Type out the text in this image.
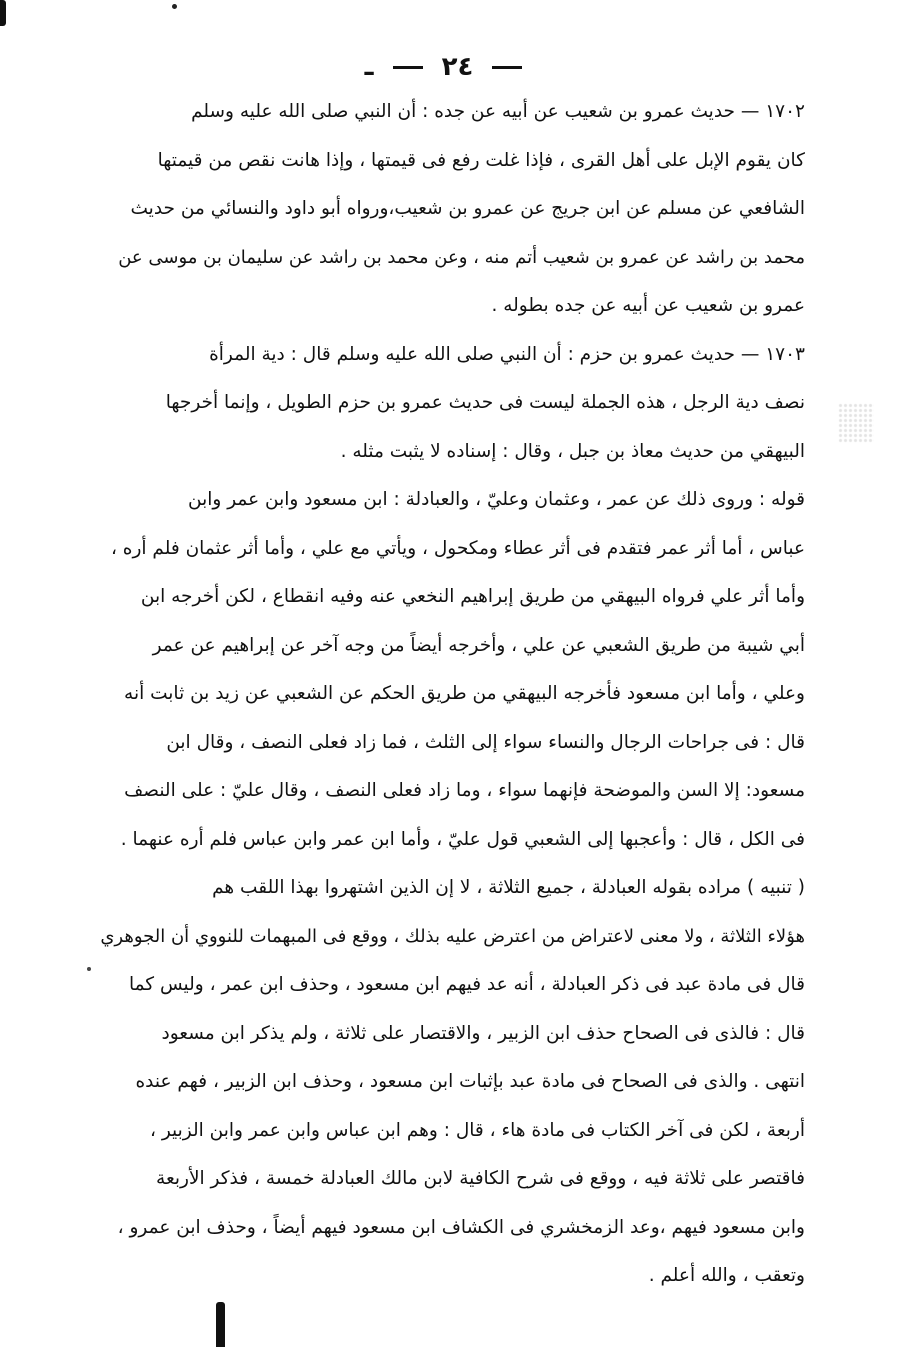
٢٤  ـ
١٧٠٢ — حديث عمرو بن شعيب عن أبيه عن جده : أن النبي صلى الله عليه وسلم
كان يقوم الإبل على أهل القرى ، فإذا غلت رفع فى قيمتها ، وإذا هانت نقص من قيمتها
الشافعي عن مسلم عن ابن جريج عن عمرو بن شعيب،ورواه أبو داود والنسائي من حديث
محمد بن راشد عن عمرو بن شعيب أتم منه ، وعن محمد بن راشد عن سليمان بن موسى عن
عمرو بن شعيب عن أبيه عن جده بطوله .
١٧٠٣ — حديث عمرو بن حزم : أن النبي صلى الله عليه وسلم قال : دية المرأة
نصف دية الرجل ، هذه الجملة ليست فى حديث عمرو بن حزم الطويل ، وإنما أخرجها
البيهقي من حديث معاذ بن جبل ، وقال : إسناده لا يثبت مثله .
قوله : وروى ذلك عن عمر ، وعثمان وعليّ ، والعبادلة : ابن مسعود وابن عمر وابن
عباس ، أما أثر عمر فتقدم فى أثر عطاء ومكحول ، ويأتي مع علي ، وأما أثر عثمان فلم أره ،
وأما أثر علي فرواه البيهقي من طريق إبراهيم النخعي عنه وفيه انقطاع ، لكن أخرجه ابن
أبي شيبة من طريق الشعبي عن علي ، وأخرجه أيضاً من وجه آخر عن إبراهيم عن عمر
وعلي ، وأما ابن مسعود فأخرجه البيهقي من طريق الحكم عن الشعبي عن زيد بن ثابت أنه
قال : فى جراحات الرجال والنساء سواء إلى الثلث ، فما زاد فعلى النصف ، وقال ابن
مسعود: إلا السن والموضحة فإنهما سواء ، وما زاد فعلى النصف ، وقال عليّ : على النصف
فى الكل ، قال : وأعجبها إلى الشعبي قول عليّ ، وأما ابن عمر وابن عباس فلم أره عنهما .
( تنبيه ) مراده بقوله العبادلة ، جميع الثلاثة ، لا إن الذين اشتهروا بهذا اللقب هم
هؤلاء الثلاثة ، ولا معنى لاعتراض من اعترض عليه بذلك ، ووقع فى المبهمات للنووي أن الجوهري
قال فى مادة عبد فى ذكر العبادلة ، أنه عد فيهم ابن مسعود ، وحذف ابن عمر ، وليس كما
قال : فالذى فى الصحاح حذف ابن الزبير ، والاقتصار على ثلاثة ، ولم يذكر ابن مسعود
انتهى . والذى فى الصحاح فى مادة عبد بإثبات ابن مسعود ، وحذف ابن الزبير ، فهم عنده
أربعة ، لكن فى آخر الكتاب فى مادة هاء ، قال : وهم ابن عباس وابن عمر وابن الزبير ،
فاقتصر على ثلاثة فيه ، ووقع فى شرح الكافية لابن مالك العبادلة خمسة ، فذكر الأربعة
وابن مسعود فيهم ،وعد الزمخشري فى الكشاف ابن مسعود فيهم أيضاً ، وحذف ابن عمرو ،
وتعقب ، والله أعلم .
